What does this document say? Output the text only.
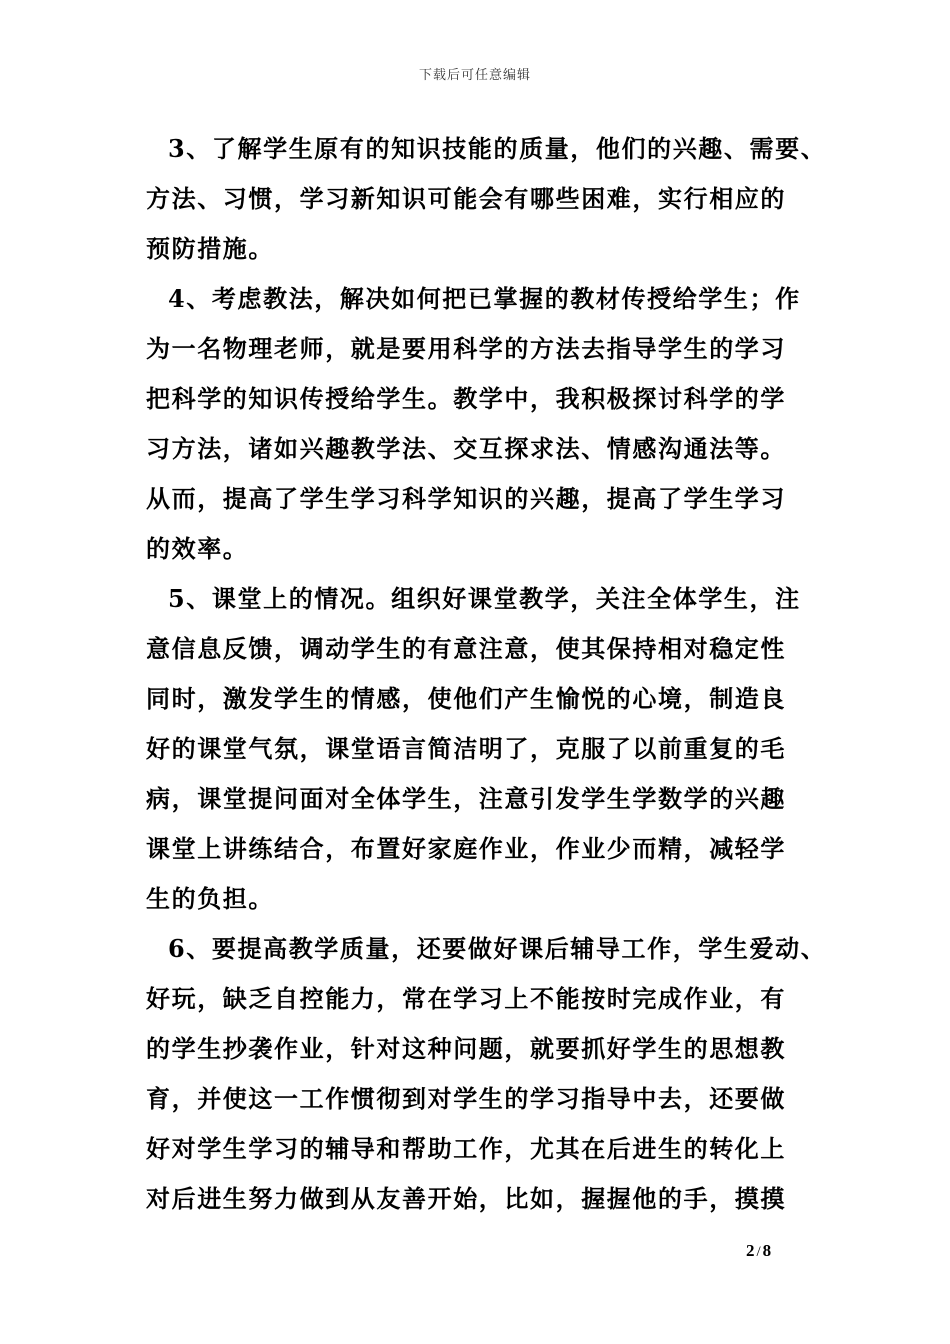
下载后可任意编辑
3、了解学生原有的知识技能的质量，他们的兴趣、需要、
方法、习惯，学习新知识可能会有哪些困难，实行相应的
预防措施。
4、考虑教法，解决如何把已掌握的教材传授给学生；作
为一名物理老师，就是要用科学的方法去指导学生的学习
把科学的知识传授给学生。教学中，我积极探讨科学的学
习方法，诸如兴趣教学法、交互探求法、情感沟通法等。
从而，提高了学生学习科学知识的兴趣，提高了学生学习
的效率。
5、课堂上的情况。组织好课堂教学，关注全体学生，注
意信息反馈，调动学生的有意注意，使其保持相对稳定性
同时，激发学生的情感，使他们产生愉悦的心境，制造良
好的课堂气氛，课堂语言简洁明了，克服了以前重复的毛
病，课堂提问面对全体学生，注意引发学生学数学的兴趣
课堂上讲练结合，布置好家庭作业，作业少而精，减轻学
生的负担。
6、要提高教学质量，还要做好课后辅导工作，学生爱动、
好玩，缺乏自控能力，常在学习上不能按时完成作业，有
的学生抄袭作业，针对这种问题，就要抓好学生的思想教
育，并使这一工作惯彻到对学生的学习指导中去，还要做
好对学生学习的辅导和帮助工作，尤其在后进生的转化上
对后进生努力做到从友善开始，比如，握握他的手，摸摸
2 / 8
